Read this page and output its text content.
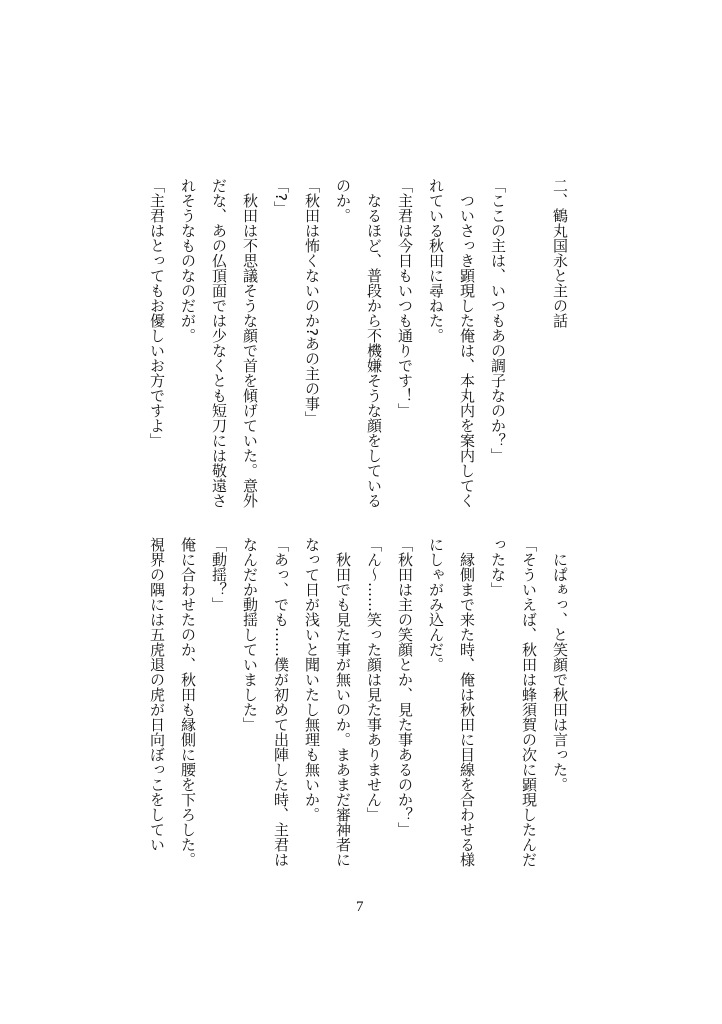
二、鶴丸国永と主の話
「ここの主は、いつもあの調子なのか？」
ついさっき顕現した俺は、本丸内を案内してく
れている秋田に尋ねた。
「主君は今日もいつも通りです！」
なるほど、普段から不機嫌そうな顔をしている
のか。
「秋田は怖くないのか?あの主の事」
「?」
秋田は不思議そうな顔で首を傾げていた。意外
だな、あの仏頂面では少なくとも短刀には敬遠さ
れそうなものなのだが。
「主君はとってもお優しいお方ですよ」
にぱぁっ、と笑顔で秋田は言った。
「そういえば、秋田は蜂須賀の次に顕現したんだ
ったな」
縁側まで来た時、俺は秋田に目線を合わせる様
にしゃがみ込んだ。
「秋田は主の笑顔とか、見た事あるのか？」
「ん～……笑った顔は見た事ありません」
秋田でも見た事が無いのか。まあまだ審神者に
なって日が浅いと聞いたし無理も無いか。
「あっ、でも……僕が初めて出陣した時、主君は
なんだか動揺していました」
「動揺？」
俺に合わせたのか、秋田も縁側に腰を下ろした。
視界の隅には五虎退の虎が日向ぼっこをしてい
7
